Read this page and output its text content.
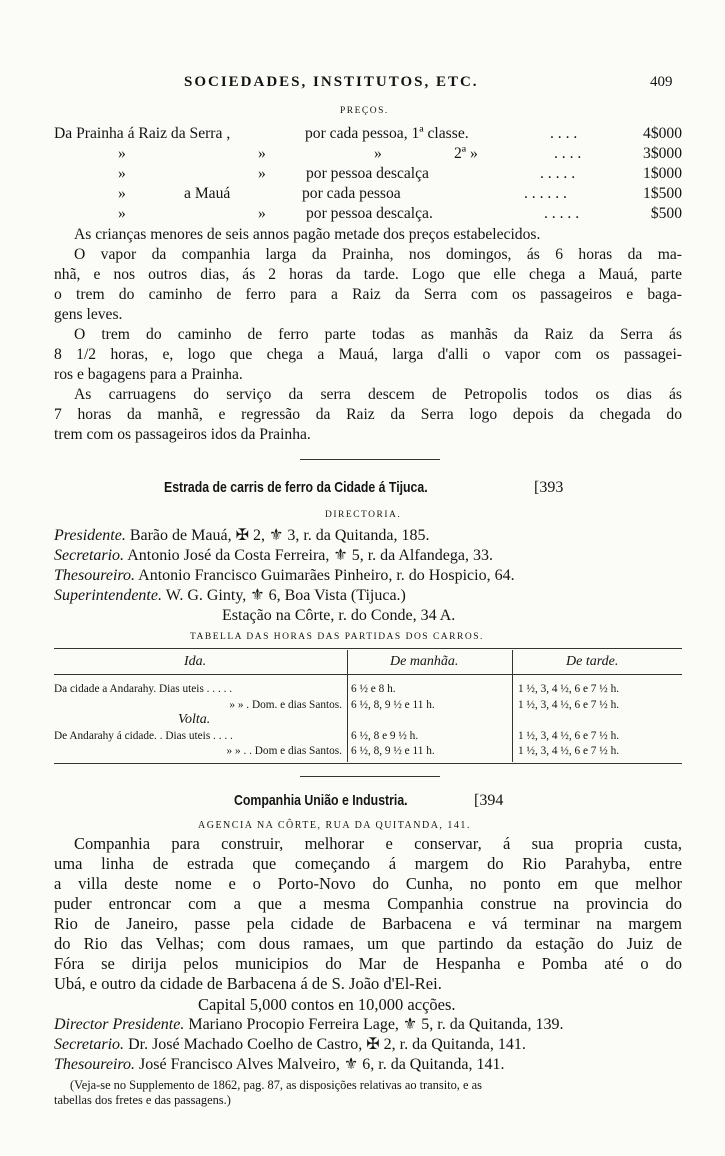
SOCIEDADES, INSTITUTOS, ETC.	409
PREÇOS.
Da Prainha á Raiz da Serra ,	por cada pessoa, 1ª classe.	. . . .	4$000
»	»	»	2ª »	. . . .	3$000
»	»	por pessoa descalça	. . . . .	1$000
»	a Mauá	por cada pessoa	. . . . . .	1$500
»	»	por pessoa descalça.	. . . . .	$500
As crianças menores de seis annos pagão metade dos preços estabelecidos.
O vapor da companhia larga da Prainha, nos domingos, ás 6 horas da ma-
nhã, e nos outros dias, ás 2 horas da tarde. Logo que elle chega a Mauá, parte
o trem do caminho de ferro para a Raiz da Serra com os passageiros e baga-
gens leves.
O trem do caminho de ferro parte todas as manhãs da Raiz da Serra ás
8 1/2 horas, e, logo que chega a Mauá, larga d'alli o vapor com os passagei-
ros e bagagens para a Prainha.
As carruagens do serviço da serra descem de Petropolis todos os dias ás
7 horas da manhã, e regressão da Raiz da Serra logo depois da chegada do
trem com os passageiros idos da Prainha.
Estrada de carris de ferro da Cidade á Tijuca.	[393
DIRECTORIA.
Presidente. Barão de Mauá, ✠ 2, ⚜ 3, r. da Quitanda, 185.
Secretario. Antonio José da Costa Ferreira, ⚜ 5, r. da Alfandega, 33.
Thesoureiro. Antonio Francisco Guimarães Pinheiro, r. do Hospicio, 64.
Superintendente. W. G. Ginty, ⚜ 6, Boa Vista (Tijuca.)
Estação na Côrte, r. do Conde, 34 A.
TABELLA DAS HORAS DAS PARTIDAS DOS CARROS.
Ida.	De manhãa.	De tarde.
Da cidade a Andarahy. Dias uteis . . . . .	6 ½ e 8 h.	1 ½, 3, 4 ½, 6 e 7 ½ h.
» » . Dom. e dias Santos. 6 ½, 8, 9 ½ e 11 h.	1 ½, 3, 4 ½, 6 e 7 ½ h.
Volta.
De Andarahy á cidade. . Dias uteis . . . .	6 ½, 8 e 9 ½ h.	1 ½, 3, 4 ½, 6 e 7 ½ h.
» » . . Dom e dias Santos. 6 ½, 8, 9 ½ e 11 h.	1 ½, 3, 4 ½, 6 e 7 ½ h.
Companhia União e Industria.	[394
AGENCIA NA CÔRTE, RUA DA QUITANDA, 141.
Companhia para construir, melhorar e conservar, á sua propria custa,
uma linha de estrada que começando á margem do Rio Parahyba, entre
a villa deste nome e o Porto-Novo do Cunha, no ponto em que melhor
puder entroncar com a que a mesma Companhia construe na provincia do
Rio de Janeiro, passe pela cidade de Barbacena e vá terminar na margem
do Rio das Velhas; com dous ramaes, um que partindo da estação do Juiz de
Fóra se dirija pelos municipios do Mar de Hespanha e Pomba até o do
Ubá, e outro da cidade de Barbacena á de S. João d'El-Rei.
Capital 5,000 contos en 10,000 acções.
Director Presidente. Mariano Procopio Ferreira Lage, ⚜ 5, r. da Quitanda, 139.
Secretario. Dr. José Machado Coelho de Castro, ✠ 2, r. da Quitanda, 141.
Thesoureiro. José Francisco Alves Malveiro, ⚜ 6, r. da Quitanda, 141.
(Veja-se no Supplemento de 1862, pag. 87, as disposições relativas ao transito, e as
tabellas dos fretes e das passagens.)
